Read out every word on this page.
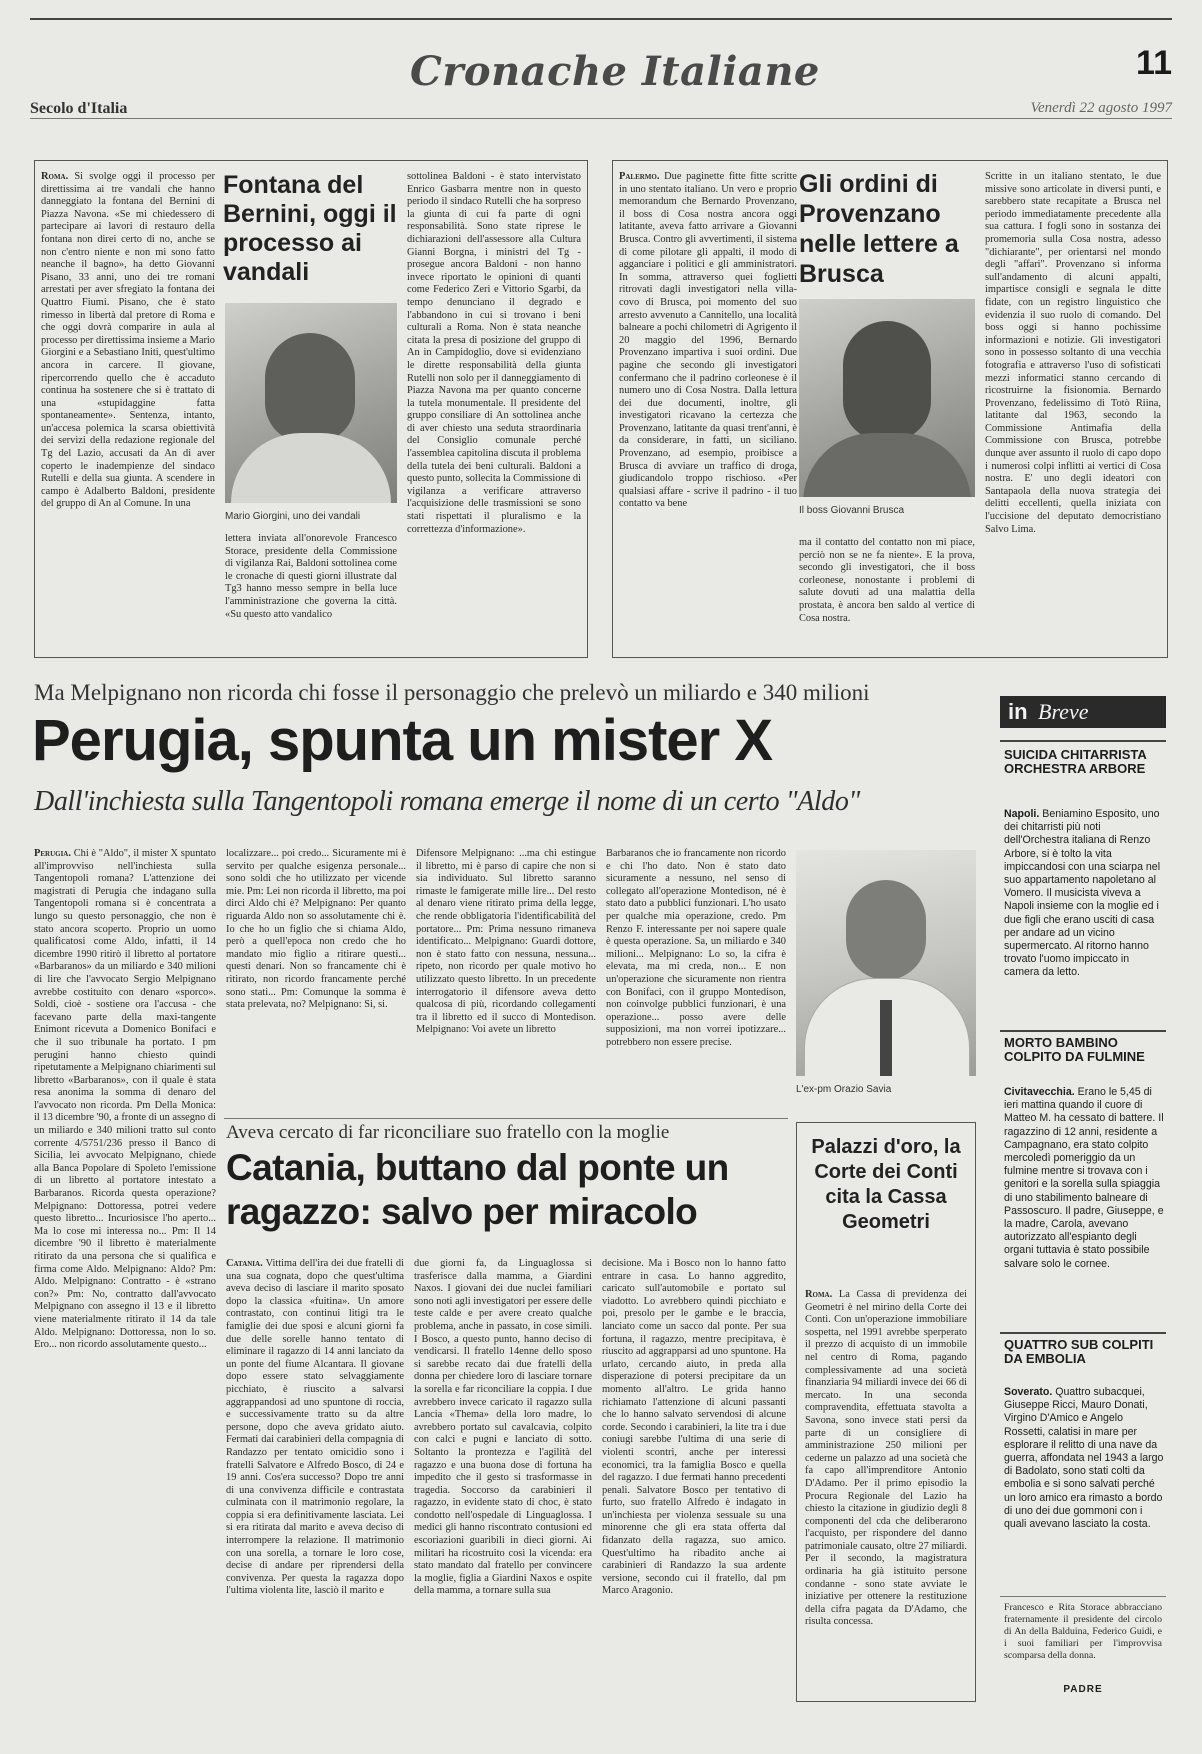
Cronache Italiane	11
Secolo d'Italia	Venerdì 22 agosto 1997
Roma. Si svolge oggi il processo per direttissima ai tre vandali che hanno danneggiato la fontana del Bernini di Piazza Navona. «Se mi chiedessero di partecipare ai lavori di restauro della fontana non direi certo di no, anche se non c'entro niente e non mi sono fatto neanche il bagno», ha detto Giovanni Pisano, 33 anni, uno dei tre romani arrestati per aver sfregiato la fontana dei Quattro Fiumi. Pisano, che è stato rimesso in libertà dal pretore di Roma e che oggi dovrà comparire in aula al processo per direttissima insieme a Mario Giorgini e a Sebastiano Initi, quest'ultimo ancora in carcere. Il giovane, ripercorrendo quello che è accaduto continua ha sostenere che si è trattato di una «stupidaggine fatta spontaneamente». Sentenza, intanto, un'accesa polemica la scarsa obiettività dei servizi della redazione regionale del Tg del Lazio, accusati da An di aver coperto le inadempienze del sindaco Rutelli e della sua giunta. A scendere in campo è Adalberto Baldoni, presidente del gruppo di An al Comune. In una
Fontana del Bernini, oggi il processo ai vandali
Mario Giorgini, uno dei vandali
lettera inviata all'onorevole Francesco Storace, presidente della Commissione di vigilanza Rai, Baldoni sottolinea come le cronache di questi giorni illustrate dal Tg3 hanno messo sempre in bella luce l'amministrazione che governa la città. «Su questo atto vandalico
sottolinea Baldoni - è stato intervistato Enrico Gasbarra mentre non in questo periodo il sindaco Rutelli che ha sorpreso la giunta di cui fa parte di ogni responsabilità. Sono state riprese le dichiarazioni dell'assessore alla Cultura Gianni Borgna, i ministri del Tg - prosegue ancora Baldoni - non hanno invece riportato le opinioni di quanti come Federico Zeri e Vittorio Sgarbi, da tempo denunciano il degrado e l'abbandono in cui si trovano i beni culturali a Roma. Non è stata neanche citata la presa di posizione del gruppo di An in Campidoglio, dove si evidenziano le dirette responsabilità della giunta Rutelli non solo per il danneggiamento di Piazza Navona ma per quanto concerne la tutela monumentale. Il presidente del gruppo consiliare di An sottolinea anche di aver chiesto una seduta straordinaria del Consiglio comunale perché l'assemblea capitolina discuta il problema della tutela dei beni culturali. Baldoni a questo punto, sollecita la Commissione di vigilanza a verificare attraverso l'acquisizione delle trasmissioni se sono stati rispettati il pluralismo e la correttezza d'informazione».
Palermo. Due paginette fitte fitte scritte in uno stentato italiano. Un vero e proprio memorandum che Bernardo Provenzano, il boss di Cosa nostra ancora oggi latitante, aveva fatto arrivare a Giovanni Brusca. Contro gli avvertimenti, il sistema di come pilotare gli appalti, il modo di agganciare i politici e gli amministratori. In somma, attraverso quei foglietti ritrovati dagli investigatori nella villa-covo di Brusca, poi momento del suo arresto avvenuto a Cannitello, una località balneare a pochi chilometri di Agrigento il 20 maggio del 1996, Bernardo Provenzano impartiva i suoi ordini. Due pagine che secondo gli investigatori confermano che il padrino corleonese è il numero uno di Cosa Nostra. Dalla lettura dei due documenti, inoltre, gli investigatori ricavano la certezza che Provenzano, latitante da quasi trent'anni, è da considerare, in fatti, un siciliano. Provenzano, ad esempio, proibisce a Brusca di avviare un traffico di droga, giudicandolo troppo rischioso. «Per qualsiasi affare - scrive il padrino - il tuo contatto va bene
Gli ordini di Provenzano nelle lettere a Brusca
Il boss Giovanni Brusca
ma il contatto del contatto non mi piace, perciò non se ne fa niente». E la prova, secondo gli investigatori, che il boss corleonese, nonostante i problemi di salute dovuti ad una malattia della prostata, è ancora ben saldo al vertice di Cosa nostra.
Scritte in un italiano stentato, le due missive sono articolate in diversi punti, e sarebbero state recapitate a Brusca nel periodo immediatamente precedente alla sua cattura. I fogli sono in sostanza dei promemoria sulla Cosa nostra, adesso "dichiarante", per orientarsi nel mondo degli "affari". Provenzano si informa sull'andamento di alcuni appalti, impartisce consigli e segnala le ditte fidate, con un registro linguistico che evidenzia il suo ruolo di comando. Del boss oggi si hanno pochissime informazioni e notizie. Gli investigatori sono in possesso soltanto di una vecchia fotografia e attraverso l'uso di sofisticati mezzi informatici stanno cercando di ricostruirne la fisionomia. Bernardo Provenzano, fedelissimo di Totò Riina, latitante dal 1963, secondo la Commissione Antimafia della Commissione con Brusca, potrebbe dunque aver assunto il ruolo di capo dopo i numerosi colpi inflitti ai vertici di Cosa nostra. E' uno degli ideatori con Santapaola della nuova strategia dei delitti eccellenti, quella iniziata con l'uccisione del deputato democristiano Salvo Lima.
Ma Melpignano non ricorda chi fosse il personaggio che prelevò un miliardo e 340 milioni
Perugia, spunta un mister X
Dall'inchiesta sulla Tangentopoli romana emerge il nome di un certo "Aldo"
Perugia. Chi è "Aldo", il mister X spuntato all'improvviso nell'inchiesta sulla Tangentopoli romana? L'attenzione dei magistrati di Perugia che indagano sulla Tangentopoli romana si è concentrata a lungo su questo personaggio, che non è stato ancora scoperto. Proprio un uomo qualificatosi come Aldo, infatti, il 14 dicembre 1990 ritirò il libretto al portatore «Barbaranos» da un miliardo e 340 milioni di lire che l'avvocato Sergio Melpignano avrebbe costituito con denaro «sporco». Soldi, cioè - sostiene ora l'accusa - che facevano parte della maxi-tangente Enimont ricevuta a Domenico Bonifaci e che il suo tribunale ha portato. I pm perugini hanno chiesto quindi ripetutamente a Melpignano chiarimenti sul libretto «Barbaranos», con il quale è stata resa anonima la somma di denaro del l'avvocato non ricorda. Pm Della Monica: il 13 dicembre '90, a fronte di un assegno di un miliardo e 340 milioni tratto sul conto corrente 4/5751/236 presso il Banco di Sicilia, lei avvocato Melpignano, chiede alla Banca Popolare di Spoleto l'emissione di un libretto al portatore intestato a Barbaranos. Ricorda questa operazione? Melpignano: Dottoressa, potrei vedere questo libretto... Incuriosisce l'ho aperto... Ma lo cose mi interessa no... Pm: Il 14 dicembre '90 il libretto è materialmente ritirato da una persona che si qualifica e firma come Aldo. Melpignano: Aldo? Pm: Aldo. Melpignano: Contratto - è «strano con?» Pm: No, contratto dall'avvocato Melpignano con assegno il 13 e il libretto viene materialmente ritirato il 14 da tale Aldo. Melpignano: Dottoressa, non lo so. Ero... non ricordo assolutamente questo...
localizzare... poi credo... Sicuramente mi è servito per qualche esigenza personale... sono soldi che ho utilizzato per vicende mie. Pm: Lei non ricorda il libretto, ma poi dirci Aldo chi è? Melpignano: Per quanto riguarda Aldo non so assolutamente chi è. Io che ho un figlio che si chiama Aldo, però a quell'epoca non credo che ho mandato mio figlio a ritirare questi... questi denari. Non so francamente chi è ritirato, non ricordo francamente perché sono stati... Pm: Comunque la somma è stata prelevata, no? Melpignano: Si, si.
Difensore Melpignano: ...ma chi estingue il libretto, mi è parso di capire che non si sia individuato. Sul libretto saranno rimaste le famigerate mille lire... Del resto al denaro viene ritirato prima della legge, che rende obbligatoria l'identificabilità del portatore... Pm: Prima nessuno rimaneva identificato... Melpignano: Guardi dottore, non è stato fatto con nessuna, nessuna... ripeto, non ricordo per quale motivo ho utilizzato questo libretto. In un precedente interrogatorio il difensore aveva detto qualcosa di più, ricordando collegamenti tra il libretto ed il succo di Montedison. Melpignano: Voi avete un libretto
Barbaranos che io francamente non ricordo e chi l'ho dato. Non è stato dato sicuramente a nessuno, nel senso di collegato all'operazione Montedison, né è stato dato a pubblici funzionari. L'ho usato per qualche mia operazione, credo. Pm Renzo F. interessante per noi sapere quale è questa operazione. Sa, un miliardo e 340 milioni... Melpignano: Lo so, la cifra è elevata, ma mi creda, non... E non un'operazione che sicuramente non rientra con Bonifaci, con il gruppo Montedison, non coinvolge pubblici funzionari, è una operazione... posso avere delle supposizioni, ma non vorrei ipotizzare... potrebbero non essere precise.
L'ex-pm Orazio Savia
Aveva cercato di far riconciliare suo fratello con la moglie
Catania, buttano dal ponte un ragazzo: salvo per miracolo
Catania. Vittima dell'ira dei due fratelli di una sua cognata, dopo che quest'ultima aveva deciso di lasciare il marito sposato dopo la classica «fuitina». Un amore contrastato, con continui litigi tra le famiglie dei due sposi e alcuni giorni fa due delle sorelle hanno tentato di eliminare il ragazzo di 14 anni lanciato da un ponte del fiume Alcantara. Il giovane dopo essere stato selvaggiamente picchiato, è riuscito a salvarsi aggrappandosi ad uno spuntone di roccia, e successivamente tratto su da altre persone, dopo che aveva gridato aiuto. Fermati dai carabinieri della compagnia di Randazzo per tentato omicidio sono i fratelli Salvatore e Alfredo Bosco, di 24 e 19 anni. Cos'era successo? Dopo tre anni di una convivenza difficile e contrastata culminata con il matrimonio regolare, la coppia si era definitivamente lasciata. Lei si era ritirata dal marito e aveva deciso di interrompere la relazione. Il matrimonio con una sorella, a tornare le loro cose, decise di andare per riprendersi della convivenza. Per questa la ragazza dopo l'ultima violenta lite, lasciò il marito e
due giorni fa, da Linguaglossa si trasferisce dalla mamma, a Giardini Naxos. I giovani dei due nuclei familiari sono noti agli investigatori per essere delle teste calde e per avere creato qualche problema, anche in passato, in cose simili. I Bosco, a questo punto, hanno deciso di vendicarsi. Il fratello 14enne dello sposo si sarebbe recato dai due fratelli della donna per chiedere loro di lasciare tornare la sorella e far riconciliare la coppia. I due avrebbero invece caricato il ragazzo sulla Lancia «Thema» della loro madre, lo avrebbero portato sul cavalcavia, colpito con calci e pugni e lanciato di sotto. Soltanto la prontezza e l'agilità del ragazzo e una buona dose di fortuna ha impedito che il gesto si trasformasse in tragedia. Soccorso da carabinieri il ragazzo, in evidente stato di choc, è stato condotto nell'ospedale di Linguaglossa. I medici gli hanno riscontrato contusioni ed escoriazioni guaribili in dieci giorni. Ai militari ha ricostruito così la vicenda: era stato mandato dal fratello per convincere la moglie, figlia a Giardini Naxos e ospite della mamma, a tornare sulla sua
decisione. Ma i Bosco non lo hanno fatto entrare in casa. Lo hanno aggredito, caricato sull'automobile e portato sul viadotto. Lo avrebbero quindi picchiato e poi, presolo per le gambe e le braccia, lanciato come un sacco dal ponte. Per sua fortuna, il ragazzo, mentre precipitava, è riuscito ad aggrapparsi ad uno spuntone. Ha urlato, cercando aiuto, in preda alla disperazione di potersi precipitare da un momento all'altro. Le grida hanno richiamato l'attenzione di alcuni passanti che lo hanno salvato servendosi di alcune corde. Secondo i carabinieri, la lite tra i due coniugi sarebbe l'ultima di una serie di violenti scontri, anche per interessi economici, tra la famiglia Bosco e quella del ragazzo. I due fermati hanno precedenti penali. Salvatore Bosco per tentativo di furto, suo fratello Alfredo è indagato in un'inchiesta per violenza sessuale su una minorenne che gli era stata offerta dal fidanzato della ragazza, suo amico. Quest'ultimo ha ribadito anche ai carabinieri di Randazzo la sua ardente versione, secondo cui il fratello, dal pm Marco Aragonio.
Palazzi d'oro, la Corte dei Conti cita la Cassa Geometri
Roma. La Cassa di previdenza dei Geometri è nel mirino della Corte dei Conti. Con un'operazione immobiliare sospetta, nel 1991 avrebbe sperperato il prezzo di acquisto di un immobile nel centro di Roma, pagando complessivamente ad una società finanziaria 94 miliardi invece dei 66 di mercato. In una seconda compravendita, effettuata stavolta a Savona, sono invece stati persi da parte di un consigliere di amministrazione 250 milioni per cederne un palazzo ad una società che fa capo all'imprenditore Antonio D'Adamo. Per il primo episodio la Procura Regionale del Lazio ha chiesto la citazione in giudizio degli 8 componenti del cda che deliberarono l'acquisto, per rispondere del danno patrimoniale causato, oltre 27 miliardi. Per il secondo, la magistratura ordinaria ha già istituito persone condanne - sono state avviate le iniziative per ottenere la restituzione della cifra pagata da D'Adamo, che risulta concessa.
in Breve
SUICIDA CHITARRISTA ORCHESTRA ARBORE
Napoli. Beniamino Esposito, uno dei chitarristi più noti dell'Orchestra italiana di Renzo Arbore, si è tolto la vita impiccandosi con una sciarpa nel suo appartamento napoletano al Vomero. Il musicista viveva a Napoli insieme con la moglie ed i due figli che erano usciti di casa per andare ad un vicino supermercato. Al ritorno hanno trovato l'uomo impiccato in camera da letto.
MORTO BAMBINO COLPITO DA FULMINE
Civitavecchia. Erano le 5,45 di ieri mattina quando il cuore di Matteo M. ha cessato di battere. Il ragazzino di 12 anni, residente a Campagnano, era stato colpito mercoledì pomeriggio da un fulmine mentre si trovava con i genitori e la sorella sulla spiaggia di uno stabilimento balneare di Passoscuro. Il padre, Giuseppe, e la madre, Carola, avevano autorizzato all'espianto degli organi tuttavia è stato possibile salvare solo le cornee.
QUATTRO SUB COLPITI DA EMBOLIA
Soverato. Quattro subacquei, Giuseppe Ricci, Mauro Donati, Virgino D'Amico e Angelo Rossetti, calatisi in mare per esplorare il relitto di una nave da guerra, affondata nel 1943 a largo di Badolato, sono stati colti da embolia e si sono salvati perché un loro amico era rimasto a bordo di uno dei due gommoni con i quali avevano lasciato la costa.
Francesco e Rita Storace abbracciano fraternamente il presidente del circolo di An della Balduina, Federico Guidi, e i suoi familiari per l'improvvisa scomparsa della donna.
PADRE
